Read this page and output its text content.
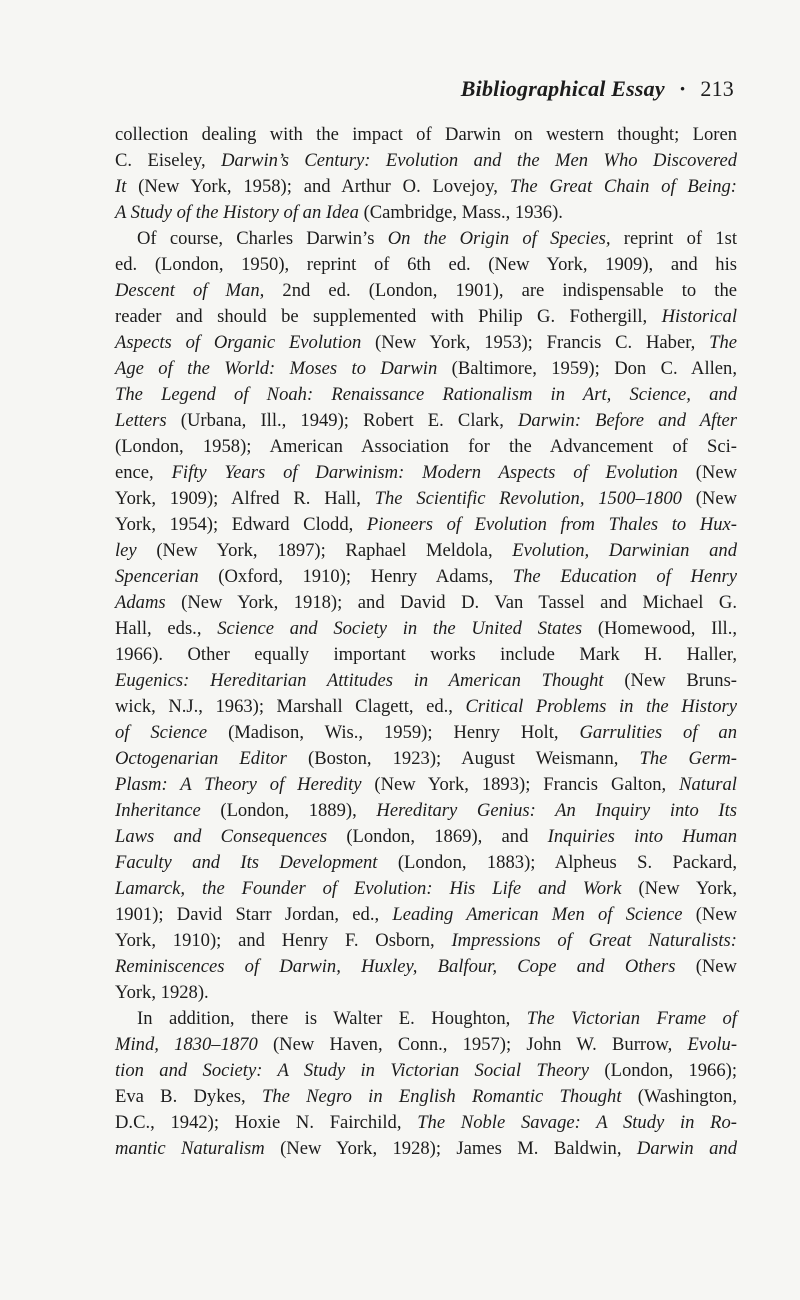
Bibliographical Essay · 213
collection dealing with the impact of Darwin on western thought; Loren
C. Eiseley, Darwin’s Century: Evolution and the Men Who Discovered
It (New York, 1958); and Arthur O. Lovejoy, The Great Chain of Being:
A Study of the History of an Idea (Cambridge, Mass., 1936).
Of course, Charles Darwin’s On the Origin of Species, reprint of 1st
ed. (London, 1950), reprint of 6th ed. (New York, 1909), and his
Descent of Man, 2nd ed. (London, 1901), are indispensable to the
reader and should be supplemented with Philip G. Fothergill, Historical
Aspects of Organic Evolution (New York, 1953); Francis C. Haber, The
Age of the World: Moses to Darwin (Baltimore, 1959); Don C. Allen,
The Legend of Noah: Renaissance Rationalism in Art, Science, and
Letters (Urbana, Ill., 1949); Robert E. Clark, Darwin: Before and After
(London, 1958); American Association for the Advancement of Sci-
ence, Fifty Years of Darwinism: Modern Aspects of Evolution (New
York, 1909); Alfred R. Hall, The Scientific Revolution, 1500–1800 (New
York, 1954); Edward Clodd, Pioneers of Evolution from Thales to Hux-
ley (New York, 1897); Raphael Meldola, Evolution, Darwinian and
Spencerian (Oxford, 1910); Henry Adams, The Education of Henry
Adams (New York, 1918); and David D. Van Tassel and Michael G.
Hall, eds., Science and Society in the United States (Homewood, Ill.,
1966). Other equally important works include Mark H. Haller,
Eugenics: Hereditarian Attitudes in American Thought (New Bruns-
wick, N.J., 1963); Marshall Clagett, ed., Critical Problems in the History
of Science (Madison, Wis., 1959); Henry Holt, Garrulities of an
Octogenarian Editor (Boston, 1923); August Weismann, The Germ-
Plasm: A Theory of Heredity (New York, 1893); Francis Galton, Natural
Inheritance (London, 1889), Hereditary Genius: An Inquiry into Its
Laws and Consequences (London, 1869), and Inquiries into Human
Faculty and Its Development (London, 1883); Alpheus S. Packard,
Lamarck, the Founder of Evolution: His Life and Work (New York,
1901); David Starr Jordan, ed., Leading American Men of Science (New
York, 1910); and Henry F. Osborn, Impressions of Great Naturalists:
Reminiscences of Darwin, Huxley, Balfour, Cope and Others (New
York, 1928).
In addition, there is Walter E. Houghton, The Victorian Frame of
Mind, 1830–1870 (New Haven, Conn., 1957); John W. Burrow, Evolu-
tion and Society: A Study in Victorian Social Theory (London, 1966);
Eva B. Dykes, The Negro in English Romantic Thought (Washington,
D.C., 1942); Hoxie N. Fairchild, The Noble Savage: A Study in Ro-
mantic Naturalism (New York, 1928); James M. Baldwin, Darwin and
